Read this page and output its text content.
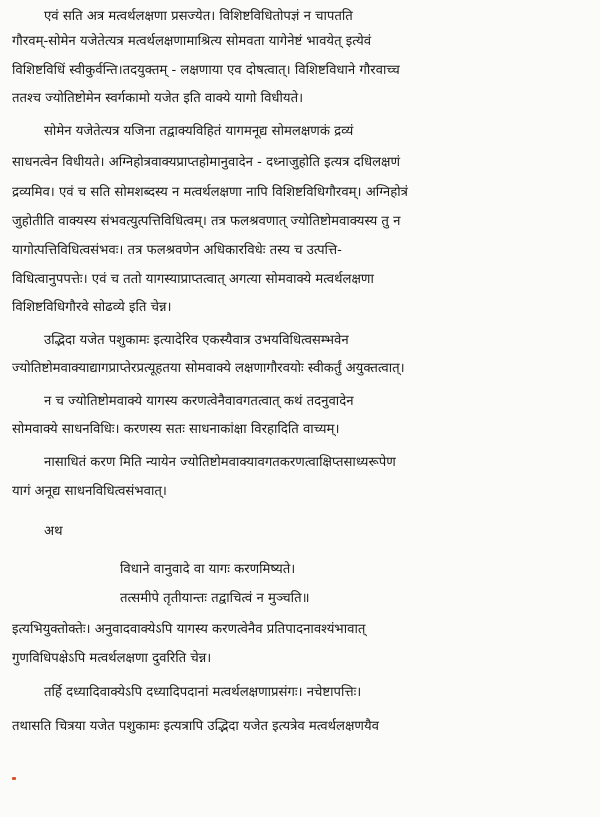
एवं सति अत्र मत्वर्थलक्षणा प्रसज्येत। विशिष्टविधितोपज्ञं न चापतति
गौरवम्-सोमेन यजेतेत्यत्र मत्वर्थलक्षणामाश्रित्य सोमवता यागेनेष्टं भावयेत् इत्येवं
विशिष्टविधिं स्वीकुर्वन्ति।तदयुक्तम् - लक्षणाया एव दोषत्वात्। विशिष्टविधाने गौरवाच्च
ततश्च ज्योतिष्टोमेन स्वर्गकामो यजेत इति वाक्ये यागो विधीयते।
सोमेन यजेतेत्यत्र यजिना तद्वाक्यविहितं यागमनूद्य सोमलक्षणकं द्रव्यं
साधनत्वेन विधीयते। अग्निहोत्रवाक्यप्राप्तहोमानुवादेन - दध्नाजुहोति इत्यत्र दधिलक्षणं
द्रव्यमिव। एवं च सति सोमशब्दस्य न मत्वर्थलक्षणा नापि विशिष्टविधिगौरवम्। अग्निहोत्रं
जुहोतीति वाक्यस्य संभवत्युत्पत्तिविधित्वम्। तत्र फलश्रवणात् ज्योतिष्टोमवाक्यस्य तु न
यागोत्पत्तिविधित्वसंभवः। तत्र फलश्रवणेन अधिकारविधेः तस्य च उत्पत्ति-
विधित्वानुपपत्तेः। एवं च ततो यागस्याप्राप्तत्वात् अगत्या सोमवाक्ये मत्वर्थलक्षणा
विशिष्टविधिगौरवे सोढव्ये इति चेन्न।
उद्भिदा यजेत पशुकामः इत्यादेरिव एकस्यैवात्र उभयविधित्वसम्भवेन
ज्योतिष्टोमवाक्याद्यागप्राप्तेरप्रत्यूहतया सोमवाक्ये लक्षणागौरवयोः स्वीकर्तुं अयुक्तत्वात्।
न च ज्योतिष्टोमवाक्ये यागस्य करणत्वेनैवावगतत्वात् कथं तदनुवादेन
सोमवाक्ये साधनविधिः। करणस्य सतः साधनाकांक्षा विरहादिति वाच्यम्।
नासाधितं करण मिति न्यायेन ज्योतिष्टोमवाक्यावगतकरणत्वाक्षिप्तसाध्यरूपेण
यागं अनूद्य साधनविधित्वसंभवात्।
अथ
विधाने वानुवादे वा यागः करणमिष्यते।
तत्समीपे तृतीयान्तः तद्वाचित्वं न मुञ्चति॥
इत्यभियुक्तोक्तेः। अनुवादवाक्येऽपि यागस्य करणत्वेनैव प्रतिपादनावश्यंभावात्
गुणविधिपक्षेऽपि मत्वर्थलक्षणा दुवरिति चेन्न।
तर्हि दध्यादिवाक्येऽपि दध्यादिपदानां मत्वर्थलक्षणाप्रसंगः। नचेष्टापत्तिः।
तथासति चित्रया यजेत पशुकामः इत्यत्रापि उद्भिदा यजेत इत्यत्रेव मत्वर्थलक्षणयैव
